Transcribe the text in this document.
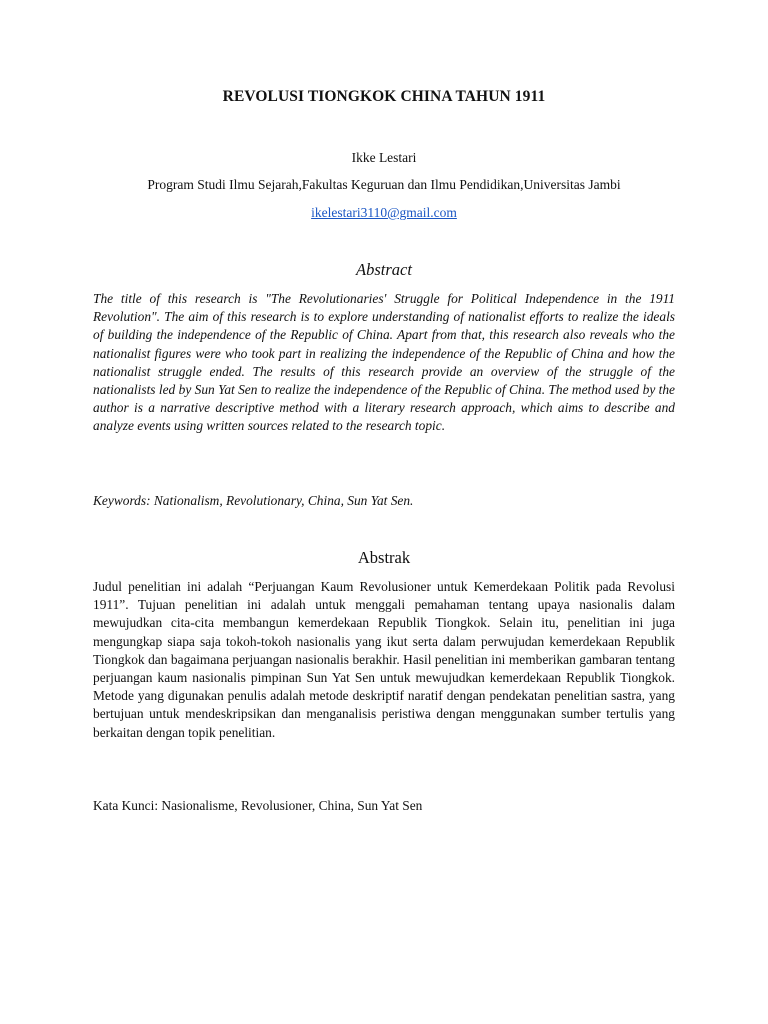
REVOLUSI TIONGKOK CHINA TAHUN 1911
Ikke Lestari
Program Studi Ilmu Sejarah,Fakultas Keguruan dan Ilmu Pendidikan,Universitas Jambi
ikelestari3110@gmail.com
Abstract

The title of this research is "The Revolutionaries' Struggle for Political Independence in the 1911 Revolution". The aim of this research is to explore understanding of nationalist efforts to realize the ideals of building the independence of the Republic of China. Apart from that, this research also reveals who the nationalist figures were who took part in realizing the independence of the Republic of China and how the nationalist struggle ended. The results of this research provide an overview of the struggle of the nationalists led by Sun Yat Sen to realize the independence of the Republic of China. The method used by the author is a narrative descriptive method with a literary research approach, which aims to describe and analyze events using written sources related to the research topic.

Keywords: Nationalism, Revolutionary, China, Sun Yat Sen.

Abstrak

Judul penelitian ini adalah “Perjuangan Kaum Revolusioner untuk Kemerdekaan Politik pada Revolusi 1911”. Tujuan penelitian ini adalah untuk menggali pemahaman tentang upaya nasionalis dalam mewujudkan cita-cita membangun kemerdekaan Republik Tiongkok. Selain itu, penelitian ini juga mengungkap siapa saja tokoh-tokoh nasionalis yang ikut serta dalam perwujudan kemerdekaan Republik Tiongkok dan bagaimana perjuangan nasionalis berakhir. Hasil penelitian ini memberikan gambaran tentang perjuangan kaum nasionalis pimpinan Sun Yat Sen untuk mewujudkan kemerdekaan Republik Tiongkok. Metode yang digunakan penulis adalah metode deskriptif naratif dengan pendekatan penelitian sastra, yang bertujuan untuk mendeskripsikan dan menganalisis peristiwa dengan menggunakan sumber tertulis yang berkaitan dengan topik penelitian.

Kata Kunci: Nasionalisme, Revolusioner, China, Sun Yat Sen
